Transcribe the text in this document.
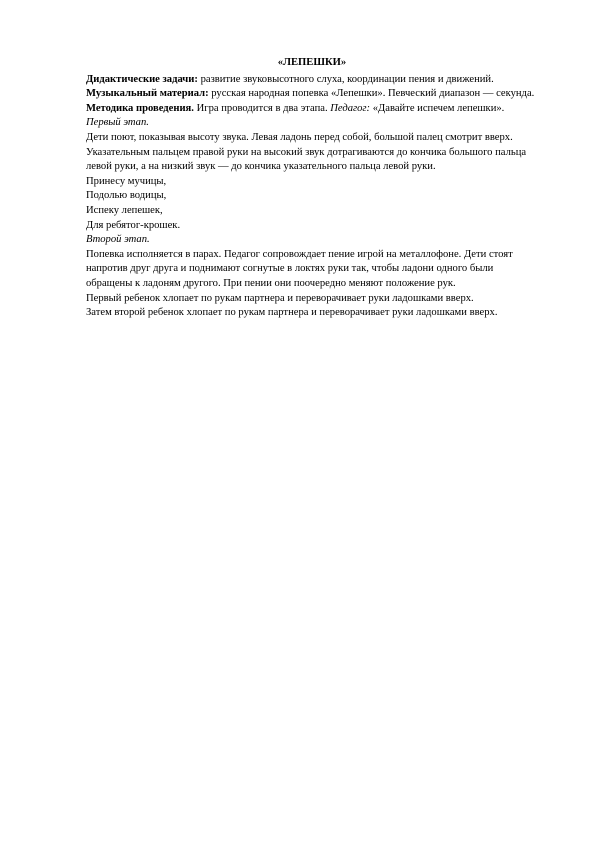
«ЛЕПЕШКИ»

Дидактические задачи: развитие звуковысотного слуха, координации пения и движений.

Музыкальный материал: русская народная попевка «Лепешки». Певческий диапазон — секунда.

Методика проведения. Игра проводится в два этапа. Педагог: «Давайте испечем лепешки».

Первый этап.

Дети поют, показывая высоту звука. Левая ладонь перед собой, большой палец смотрит вверх. Указательным пальцем правой руки на высокий звук дотрагиваются до кончика большого пальца левой руки, а на низкий звук — до кончика указательного пальца левой руки.

Принесу мучицы,

Подолью водицы,

Испеку лепешек,

Для ребятог-крошек.

Второй этап.

Попевка исполняется в парах. Педагог сопровождает пение игрой на металлофоне. Дети стоят напротив друг друга и поднимают согнутые в локтях руки так, чтобы ладони одного были обращены к ладоням другого. При пении они поочередно меняют положение рук.

Первый ребенок хлопает по рукам партнера и переворачивает руки ладошками вверх.

Затем второй ребенок хлопает по рукам партнера и переворачивает руки ладошками вверх.
